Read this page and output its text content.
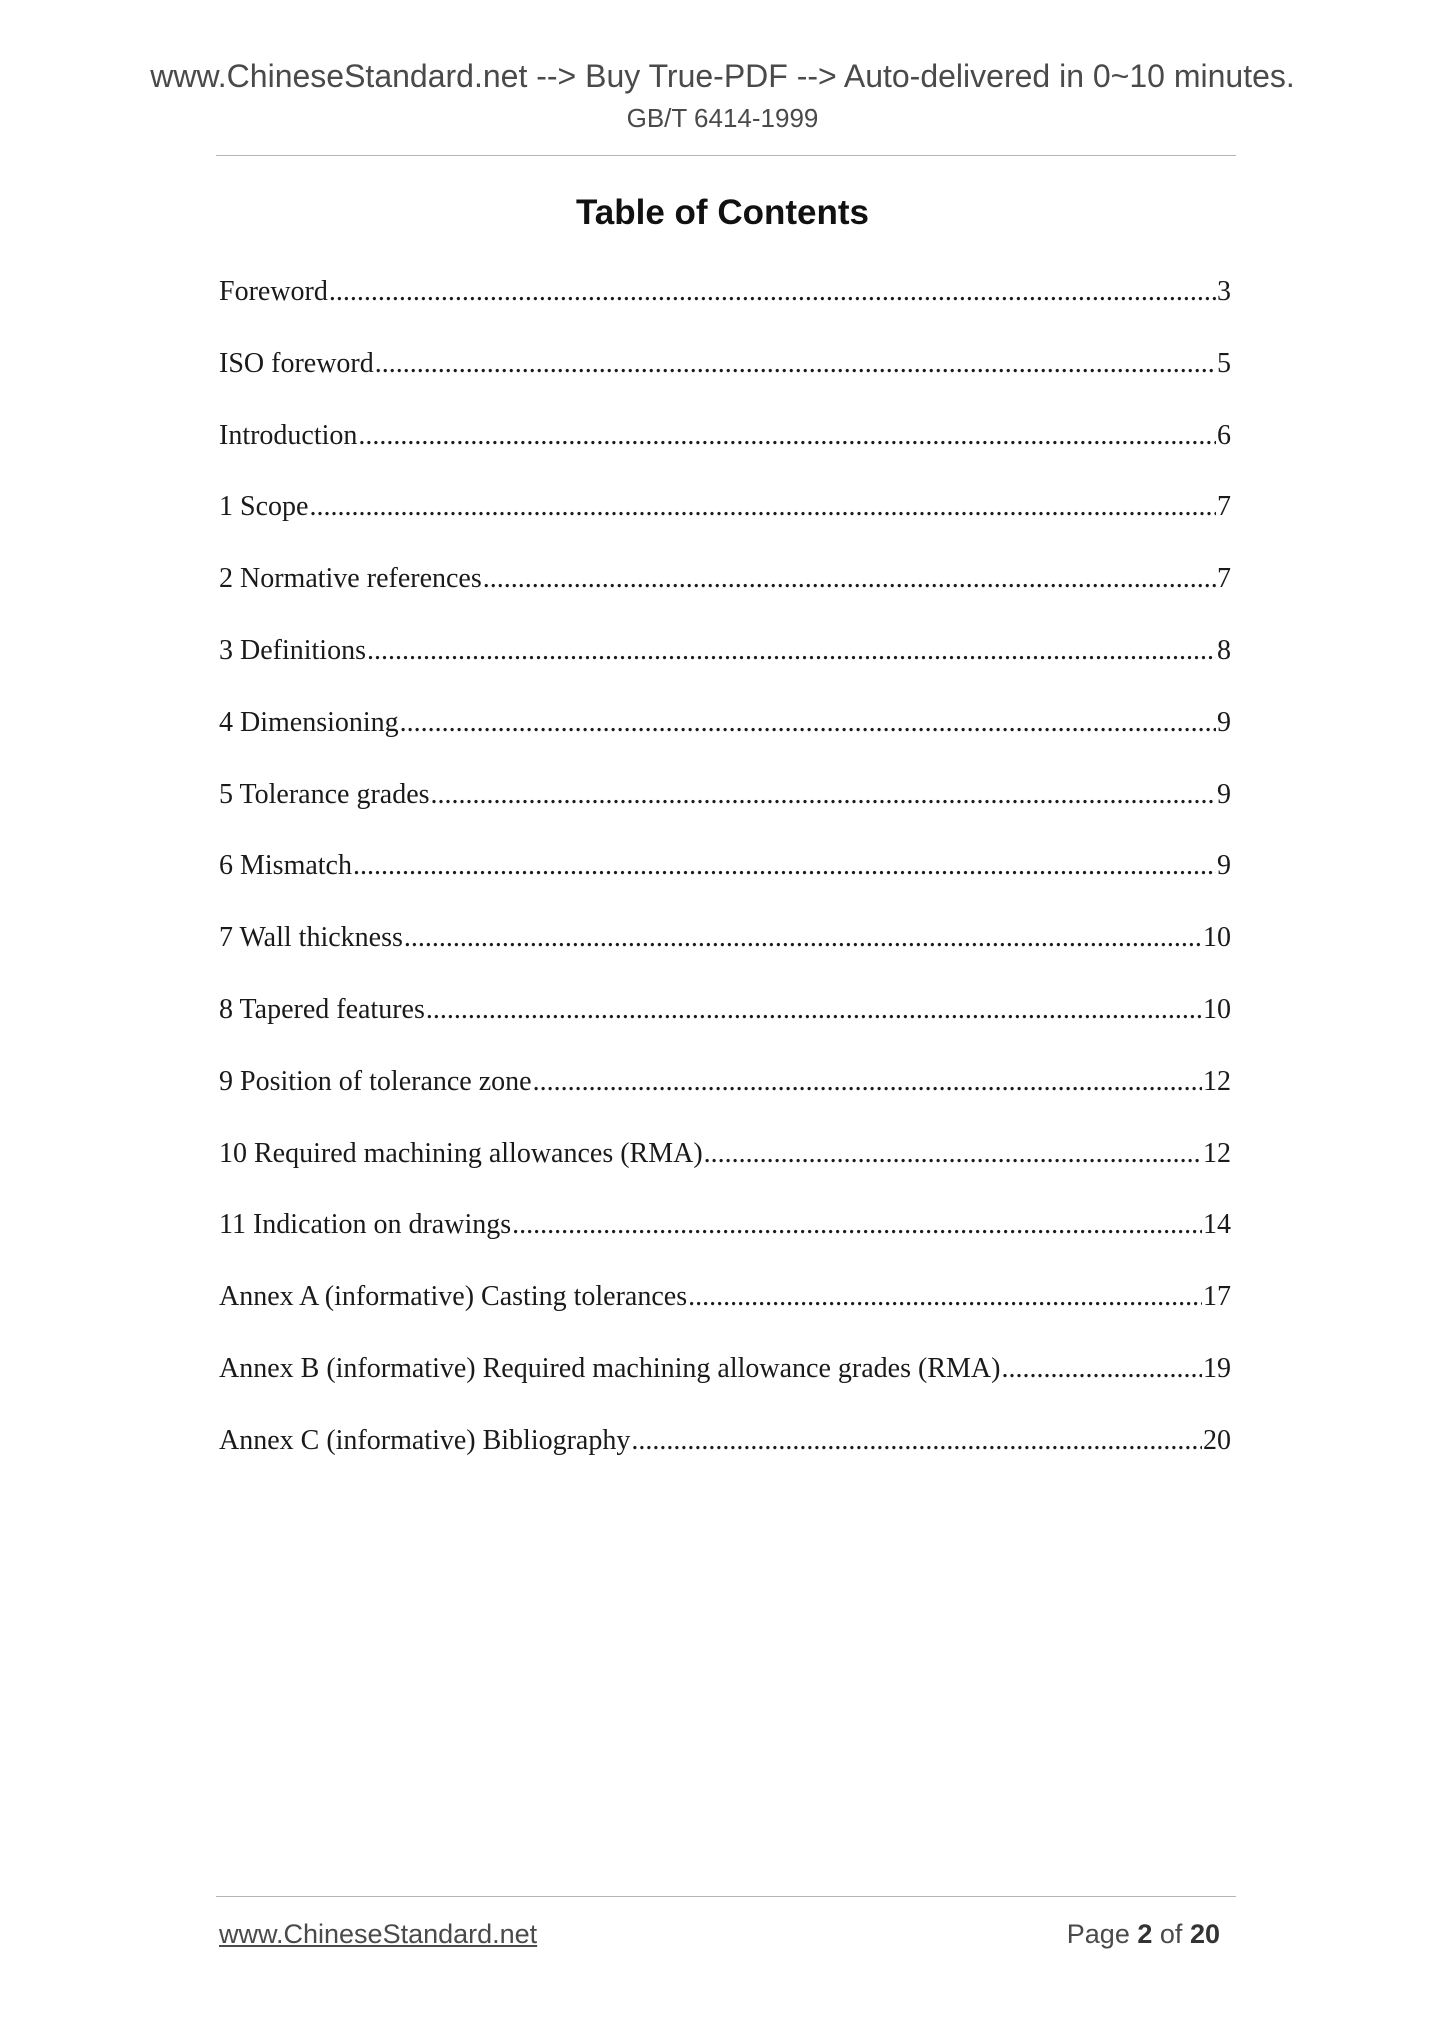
www.ChineseStandard.net --> Buy True-PDF --> Auto-delivered in 0~10 minutes.
GB/T 6414-1999
Table of Contents
Foreword .....	3
ISO foreword .....	5
Introduction .....	6
1 Scope .....	7
2 Normative references .....	7
3 Definitions .....	8
4 Dimensioning .....	9
5 Tolerance grades .....	9
6 Mismatch .....	9
7 Wall thickness .....	10
8 Tapered features .....	10
9 Position of tolerance zone .....	12
10 Required machining allowances (RMA) .....	12
11 Indication on drawings .....	14
Annex A (informative) Casting tolerances .....	17
Annex B (informative) Required machining allowance grades (RMA) .....	19
Annex C (informative) Bibliography .....	20
www.ChineseStandard.net	Page 2 of 20
